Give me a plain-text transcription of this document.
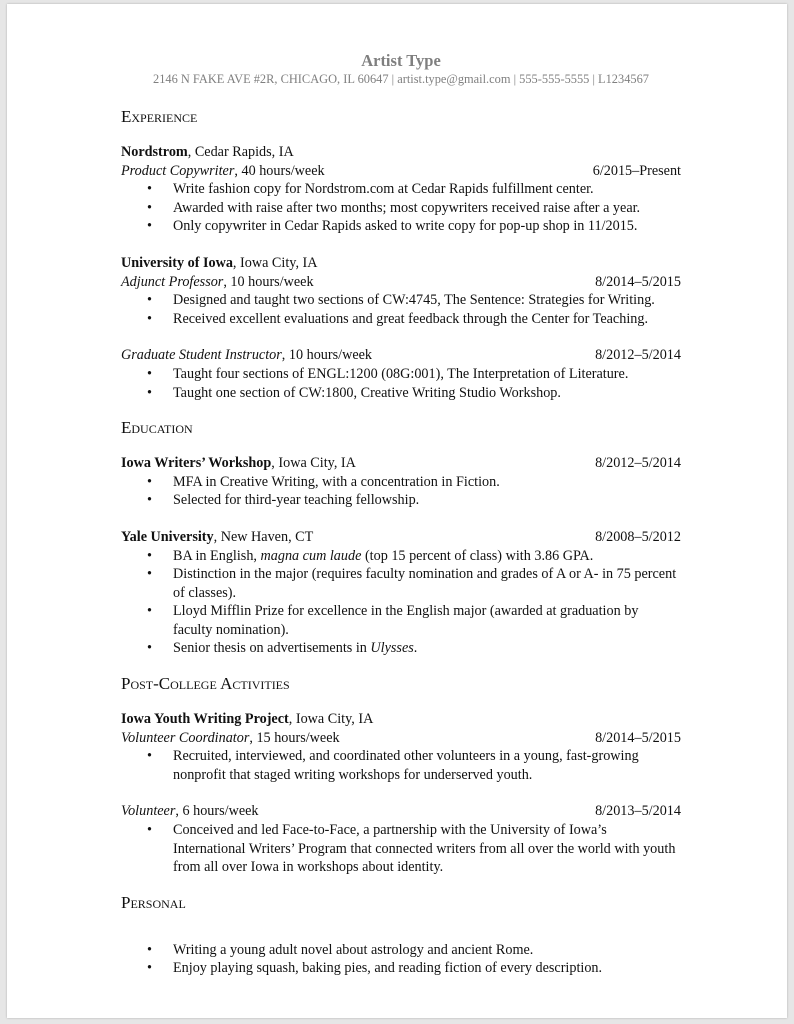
Artist Type
2146 N FAKE AVE #2R, CHICAGO, IL 60647 | artist.type@gmail.com | 555-555-5555 | L1234567
Experience
Nordstrom, Cedar Rapids, IA
Product Copywriter, 40 hours/week	6/2015–Present
• Write fashion copy for Nordstrom.com at Cedar Rapids fulfillment center.
• Awarded with raise after two months; most copywriters received raise after a year.
• Only copywriter in Cedar Rapids asked to write copy for pop-up shop in 11/2015.
University of Iowa, Iowa City, IA
Adjunct Professor, 10 hours/week	8/2014–5/2015
• Designed and taught two sections of CW:4745, The Sentence: Strategies for Writing.
• Received excellent evaluations and great feedback through the Center for Teaching.
Graduate Student Instructor, 10 hours/week	8/2012–5/2014
• Taught four sections of ENGL:1200 (08G:001), The Interpretation of Literature.
• Taught one section of CW:1800, Creative Writing Studio Workshop.
Education
Iowa Writers’ Workshop, Iowa City, IA	8/2012–5/2014
• MFA in Creative Writing, with a concentration in Fiction.
• Selected for third-year teaching fellowship.
Yale University, New Haven, CT	8/2008–5/2012
• BA in English, magna cum laude (top 15 percent of class) with 3.86 GPA.
• Distinction in the major (requires faculty nomination and grades of A or A- in 75 percent of classes).
• Lloyd Mifflin Prize for excellence in the English major (awarded at graduation by faculty nomination).
• Senior thesis on advertisements in Ulysses.
Post-College Activities
Iowa Youth Writing Project, Iowa City, IA
Volunteer Coordinator, 15 hours/week	8/2014–5/2015
• Recruited, interviewed, and coordinated other volunteers in a young, fast-growing nonprofit that staged writing workshops for underserved youth.
Volunteer, 6 hours/week	8/2013–5/2014
• Conceived and led Face-to-Face, a partnership with the University of Iowa’s International Writers’ Program that connected writers from all over the world with youth from all over Iowa in workshops about identity.
Personal
• Writing a young adult novel about astrology and ancient Rome.
• Enjoy playing squash, baking pies, and reading fiction of every description.
